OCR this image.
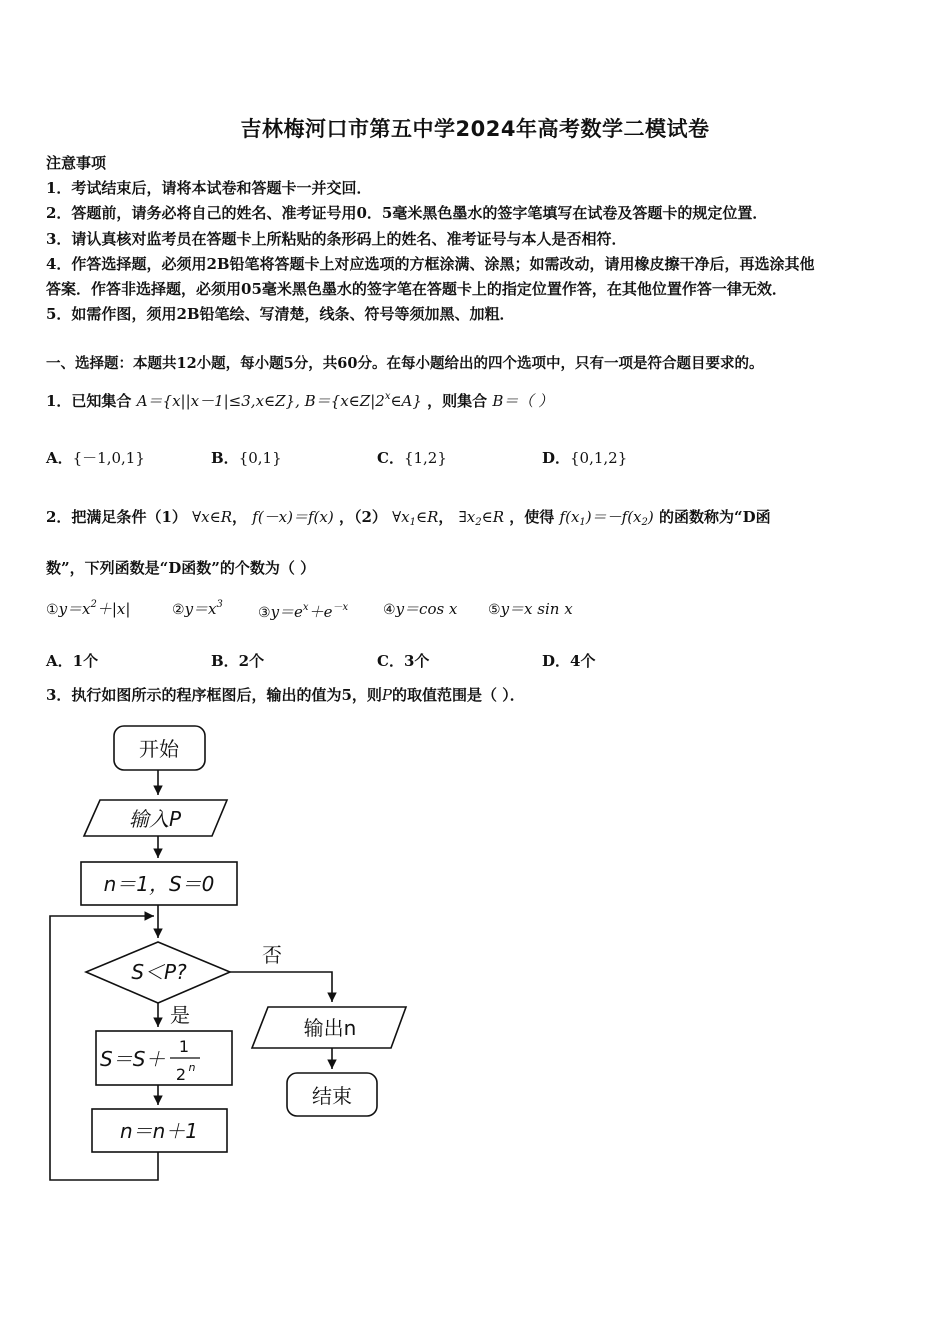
吉林梅河口市第五中学2024年高考数学二模试卷
注意事项
1．考试结束后，请将本试卷和答题卡一并交回．
2．答题前，请务必将自己的姓名、准考证号用0．5毫米黑色墨水的签字笔填写在试卷及答题卡的规定位置．
3．请认真核对监考员在答题卡上所粘贴的条形码上的姓名、准考证号与本人是否相符．
4．作答选择题，必须用2B铅笔将答题卡上对应选项的方框涂满、涂黑；如需改动，请用橡皮擦干净后，再选涂其他
答案．作答非选择题，必须用05毫米黑色墨水的签字笔在答题卡上的指定位置作答，在其他位置作答一律无效．
5．如需作图，须用2B铅笔绘、写清楚，线条、符号等须加黑、加粗．
一、选择题：本题共12小题，每小题5分，共60分。在每小题给出的四个选项中，只有一项是符合题目要求的。
1．已知集合 A＝{x||x－1|≤3,x∈Z}, $B=\{x\in Z|2^x\in A\}$ ，则集合 B＝（ ）
A．{－1,0,1}	B．{0,1}	C．{1,2}	D．{0,1,2}
2．把满足条件（1） ∀x∈R， f(－x)＝f(x) ，（2） $\forall x_1\in R$， $\exists x_2\in R$ ，使得 $f(x_1)=-f(x_2)$ 的函数称为“D函
数”，下列函数是“D函数”的个数为（ ）
$①y=x^2+|x|$	$②y=x^3$
$③y=e^x+e^{-x}$ ④y＝cos x ⑤y＝x sin x
A．1个	B．2个	C．3个	D．4个
3．执行如图所示的程序框图后，输出的值为5，则P的取值范围是（ ）．
开始
输入P
n＝1，S＝0
S＜P?
否
是
S＝S＋
1
2 n
n＝n＋1
输出n
结束
